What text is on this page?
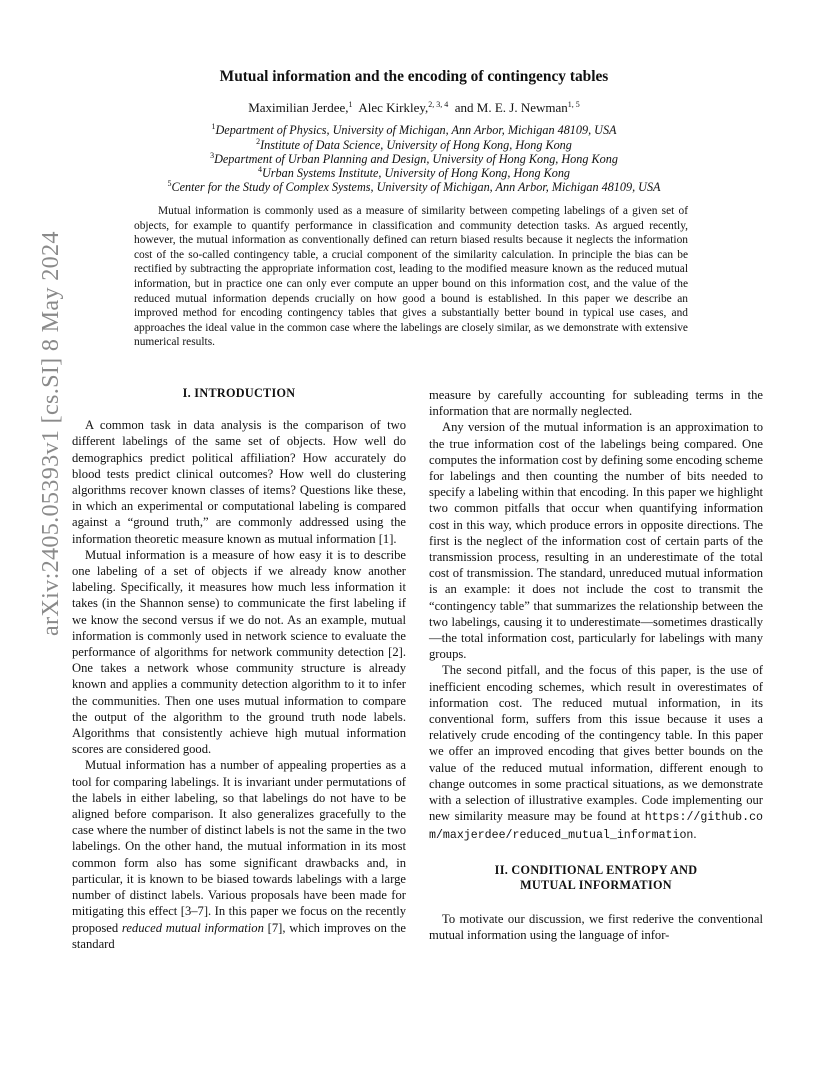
arXiv:2405.05393v1 [cs.SI] 8 May 2024
Mutual information and the encoding of contingency tables
Maximilian Jerdee,$^1$ Alec Kirkley,$^{2, 3, 4}$ and M. E. J. Newman$^{1, 5}$
$^1$Department of Physics, University of Michigan, Ann Arbor, Michigan 48109, USA
$^2$Institute of Data Science, University of Hong Kong, Hong Kong
$^3$Department of Urban Planning and Design, University of Hong Kong, Hong Kong
$^4$Urban Systems Institute, University of Hong Kong, Hong Kong
$^5$Center for the Study of Complex Systems, University of Michigan, Ann Arbor, Michigan 48109, USA

Mutual information is commonly used as a measure of similarity between competing labelings of a given set of objects, for example to quantify performance in classification and community detection tasks. As argued recently, however, the mutual information as conventionally defined can return biased results because it neglects the information cost of the so-called contingency table, a crucial component of the similarity calculation. In principle the bias can be rectified by subtracting the appropriate information cost, leading to the modified measure known as the reduced mutual information, but in practice one can only ever compute an upper bound on this information cost, and the value of the reduced mutual information depends crucially on how good a bound is established. In this paper we describe an improved method for encoding contingency tables that gives a substantially better bound in typical use cases, and approaches the ideal value in the common case where the labelings are closely similar, as we demonstrate with extensive numerical results.

I. INTRODUCTION

A common task in data analysis is the comparison of two different labelings of the same set of objects. How well do demographics predict political affiliation? How accurately do blood tests predict clinical outcomes? How well do clustering algorithms recover known classes of items? Questions like these, in which an experimental or computational labeling is compared against a “ground truth,” are commonly addressed using the information theoretic measure known as mutual information [1].

Mutual information is a measure of how easy it is to describe one labeling of a set of objects if we already know another labeling. Specifically, it measures how much less information it takes (in the Shannon sense) to communicate the first labeling if we know the second versus if we do not. As an example, mutual information is commonly used in network science to evaluate the performance of algorithms for network community detection [2]. One takes a network whose community structure is already known and applies a community detection algorithm to it to infer the communities. Then one uses mutual information to compare the output of the algorithm to the ground truth node labels. Algorithms that consistently achieve high mutual information scores are considered good.

Mutual information has a number of appealing properties as a tool for comparing labelings. It is invariant under permutations of the labels in either labeling, so that labelings do not have to be aligned before comparison. It also generalizes gracefully to the case where the number of distinct labels is not the same in the two labelings. On the other hand, the mutual information in its most common form also has some significant drawbacks and, in particular, it is known to be biased towards labelings with a large number of distinct labels. Various proposals have been made for mitigating this effect [3–7]. In this paper we focus on the recently proposed reduced mutual information [7], which improves on the standard

measure by carefully accounting for subleading terms in the information that are normally neglected.

Any version of the mutual information is an approximation to the true information cost of the labelings being compared. One computes the information cost by defining some encoding scheme for labelings and then counting the number of bits needed to specify a labeling within that encoding. In this paper we highlight two common pitfalls that occur when quantifying information cost in this way, which produce errors in opposite directions. The first is the neglect of the information cost of certain parts of the transmission process, resulting in an underestimate of the total cost of transmission. The standard, unreduced mutual information is an example: it does not include the cost to transmit the “contingency table” that summarizes the relationship between the two labelings, causing it to underestimate—sometimes drastically—the total information cost, particularly for labelings with many groups.

The second pitfall, and the focus of this paper, is the use of inefficient encoding schemes, which result in overestimates of information cost. The reduced mutual information, in its conventional form, suffers from this issue because it uses a relatively crude encoding of the contingency table. In this paper we offer an improved encoding that gives better bounds on the value of the reduced mutual information, different enough to change outcomes in some practical situations, as we demonstrate with a selection of illustrative examples. Code implementing our new similarity measure may be found at https://github.com/maxjerdee/reduced_mutual_information.

II. CONDITIONAL ENTROPY AND

MUTUAL INFORMATION

To motivate our discussion, we first rederive the conventional mutual information using the language of infor-
